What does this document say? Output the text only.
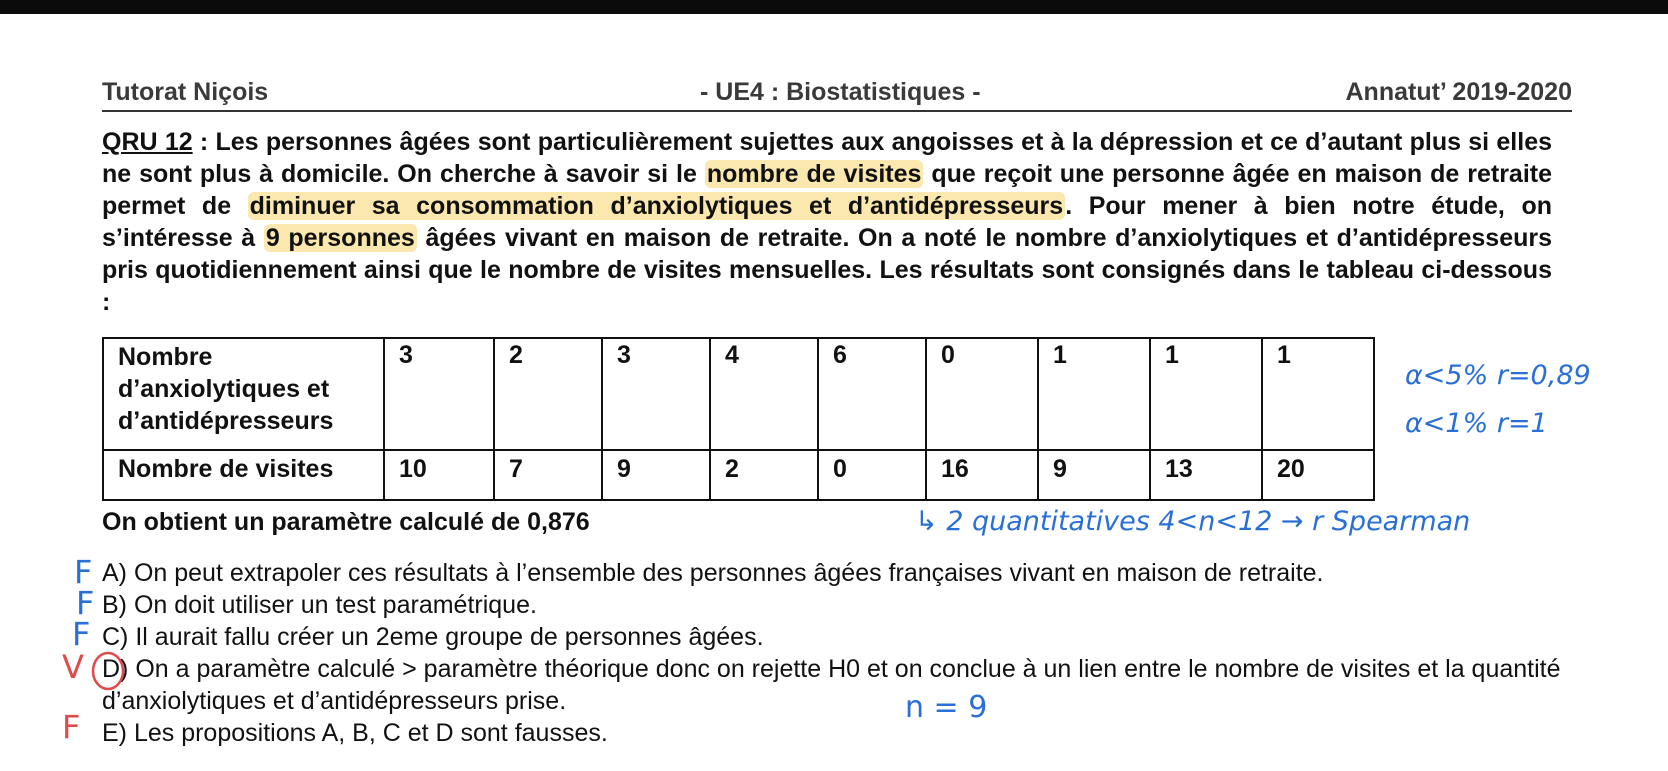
Tutorat Niçois	- UE4 : Biostatistiques -	Annatut’ 2019-2020
QRU 12 : Les personnes âgées sont particulièrement sujettes aux angoisses et à la dépression et ce d’autant plus si elles ne sont plus à domicile. On cherche à savoir si le nombre de visites que reçoit une personne âgée en maison de retraite permet de diminuer sa consommation d’anxiolytiques et d’antidépresseurs. Pour mener à bien notre étude, on s’intéresse à 9 personnes âgées vivant en maison de retraite. On a noté le nombre d’anxiolytiques et d’antidépresseurs pris quotidiennement ainsi que le nombre de visites mensuelles. Les résultats sont consignés dans le tableau ci-dessous :
Nombre d’anxiolytiques et d’antidépresseurs	3	2	3	4	6	0	1	1	1
Nombre de visites	10	7	9	2	0	16	9	13	20
On obtient un paramètre calculé de 0,876
A) On peut extrapoler ces résultats à l’ensemble des personnes âgées françaises vivant en maison de retraite.
B) On doit utiliser un test paramétrique.
C) Il aurait fallu créer un 2eme groupe de personnes âgées.
D) On a paramètre calculé > paramètre théorique donc on rejette H0 et on conclue à un lien entre le nombre de visites et la quantité d’anxiolytiques et d’antidépresseurs prise.
E) Les propositions A, B, C et D sont fausses.
α<5% r=0,89
α<1% r=1
↳ 2 quantitatives 4<n<12 → r Spearman
n = 9
F
F
F
V
F
